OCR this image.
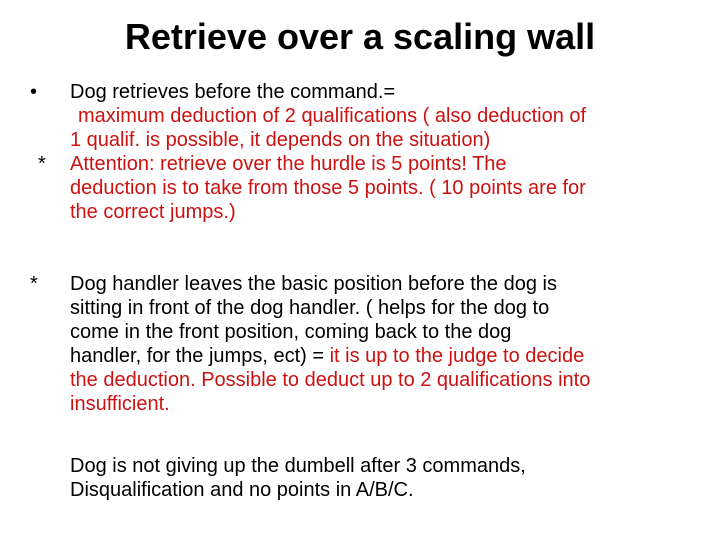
Retrieve over a scaling wall
• Dog retrieves before the command.=
maximum deduction of 2 qualifications ( also deduction of
1 qualif. is possible, it depends on the situation)
* Attention: retrieve over the hurdle is 5 points! The
deduction is to take from those 5 points. ( 10 points are for
the correct jumps.)
* Dog handler leaves the basic position before the dog is
sitting in front of the dog handler. ( helps for the dog to
come in the front position, coming back to the dog
handler, for the jumps, ect) = it is up to the judge to decide
the deduction. Possible to deduct up to 2 qualifications into
insufficient.
Dog is not giving up the dumbell after 3 commands,
Disqualification and no points in A/B/C.
